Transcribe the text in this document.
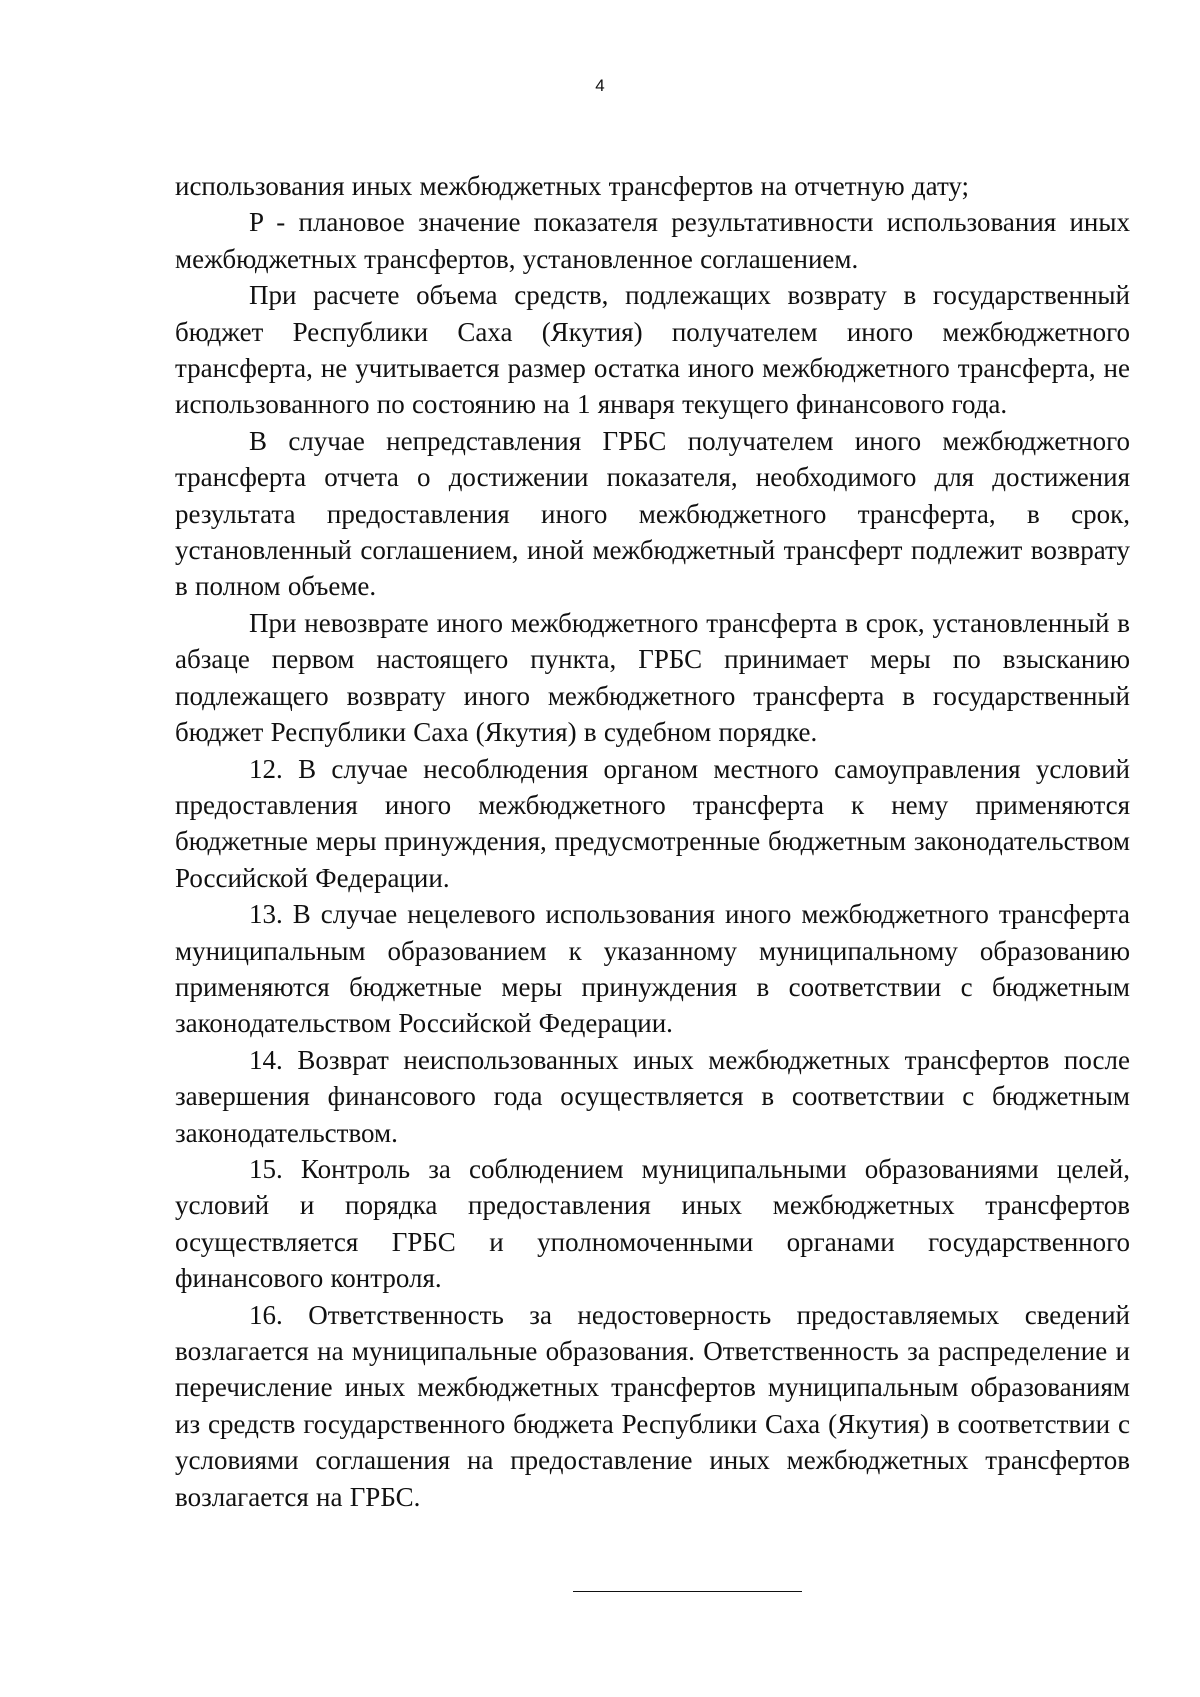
4

использования иных межбюджетных трансфертов на отчетную дату;

P - плановое значение показателя результативности использования иных межбюджетных трансфертов, установленное соглашением.

При расчете объема средств, подлежащих возврату в государственный бюджет Республики Саха (Якутия) получателем иного межбюджетного трансферта, не учитывается размер остатка иного межбюджетного трансферта, не использованного по состоянию на 1 января текущего финансового года.

В случае непредставления ГРБС получателем иного межбюджетного трансферта отчета о достижении показателя, необходимого для достижения результата предоставления иного межбюджетного трансферта, в срок, установленный соглашением, иной межбюджетный трансферт подлежит возврату в полном объеме.

При невозврате иного межбюджетного трансферта в срок, установленный в абзаце первом настоящего пункта, ГРБС принимает меры по взысканию подлежащего возврату иного межбюджетного трансферта в государственный бюджет Республики Саха (Якутия) в судебном порядке.

12. В случае несоблюдения органом местного самоуправления условий предоставления иного межбюджетного трансферта к нему применяются бюджетные меры принуждения, предусмотренные бюджетным законодательством Российской Федерации.

13. В случае нецелевого использования иного межбюджетного трансферта муниципальным образованием к указанному муниципальному образованию применяются бюджетные меры принуждения в соответствии с бюджетным законодательством Российской Федерации.

14. Возврат неиспользованных иных межбюджетных трансфертов после завершения финансового года осуществляется в соответствии с бюджетным законодательством.

15. Контроль за соблюдением муниципальными образованиями целей, условий и порядка предоставления иных межбюджетных трансфертов осуществляется ГРБС и уполномоченными органами государственного финансового контроля.

16. Ответственность за недостоверность предоставляемых сведений возлагается на муниципальные образования. Ответственность за распределение и перечисление иных межбюджетных трансфертов муниципальным образованиям из средств государственного бюджета Республики Саха (Якутия) в соответствии с условиями соглашения на предоставление иных межбюджетных трансфертов возлагается на ГРБС.
